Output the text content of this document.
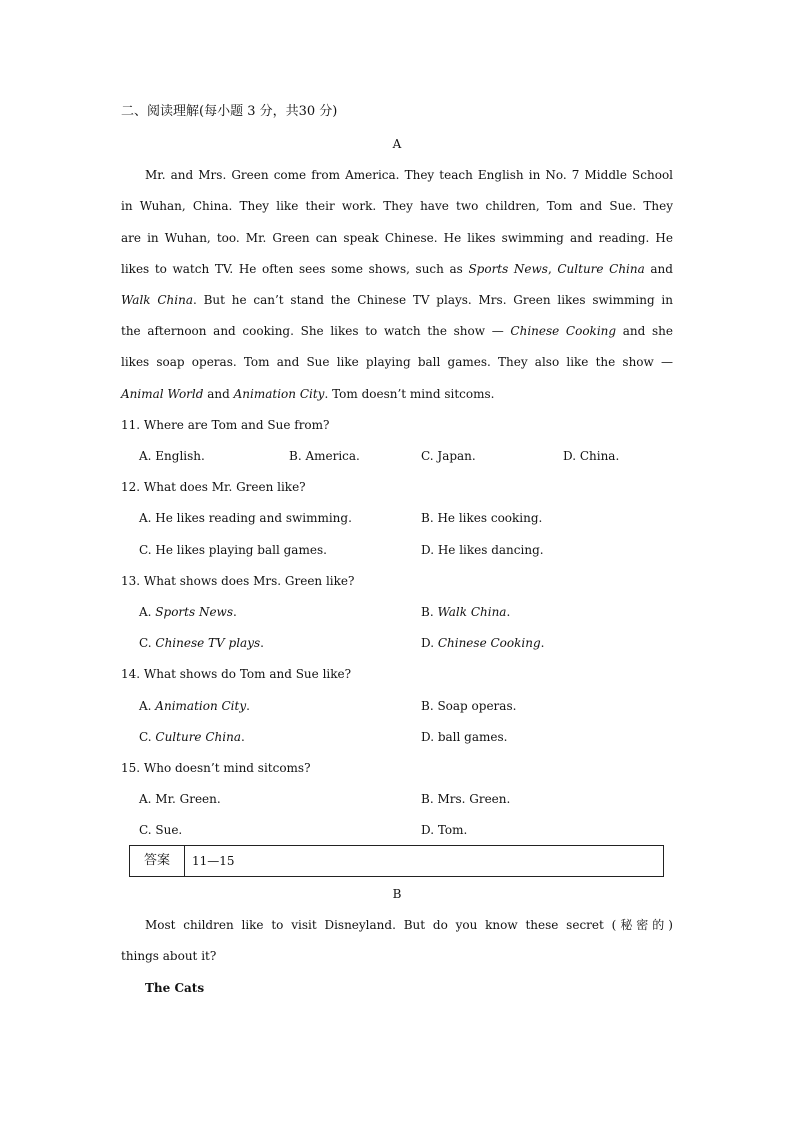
二、阅读理解(每小题 3 分，共30 分)
A
Mr. and Mrs. Green come from America. They teach English in No. 7 Middle School
in Wuhan, China. They like their work. They have two children, Tom and Sue. They
are in Wuhan, too. Mr. Green can speak Chinese. He likes swimming and reading. He
likes to watch TV. He often sees some shows, such as Sports News, Culture China and
Walk China. But he can’t stand the Chinese TV plays. Mrs. Green likes swimming in
the afternoon and cooking. She likes to watch the show — Chinese Cooking and she
likes soap operas. Tom and Sue like playing ball games. They also like the show —
Animal World and Animation City. Tom doesn’t mind sitcoms.
11. Where are Tom and Sue from?
A. English.	B. America.	C. Japan.	D. China.
12. What does Mr. Green like?
A. He likes reading and swimming.	B. He likes cooking.
C. He likes playing ball games.	D. He likes dancing.
13. What shows does Mrs. Green like?
A. Sports News.	B. Walk China.
C. Chinese TV plays.	D. Chinese Cooking.
14. What shows do Tom and Sue like?
A. Animation City.	B. Soap operas.
C. Culture China.	D. ball games.
15. Who doesn’t mind sitcoms?
A. Mr. Green.	B. Mrs. Green.
C. Sue.	D. Tom.
答案	11—15
B
Most children like to visit Disneyland. But do you know these secret (秘密的)
things about it?
The Cats
